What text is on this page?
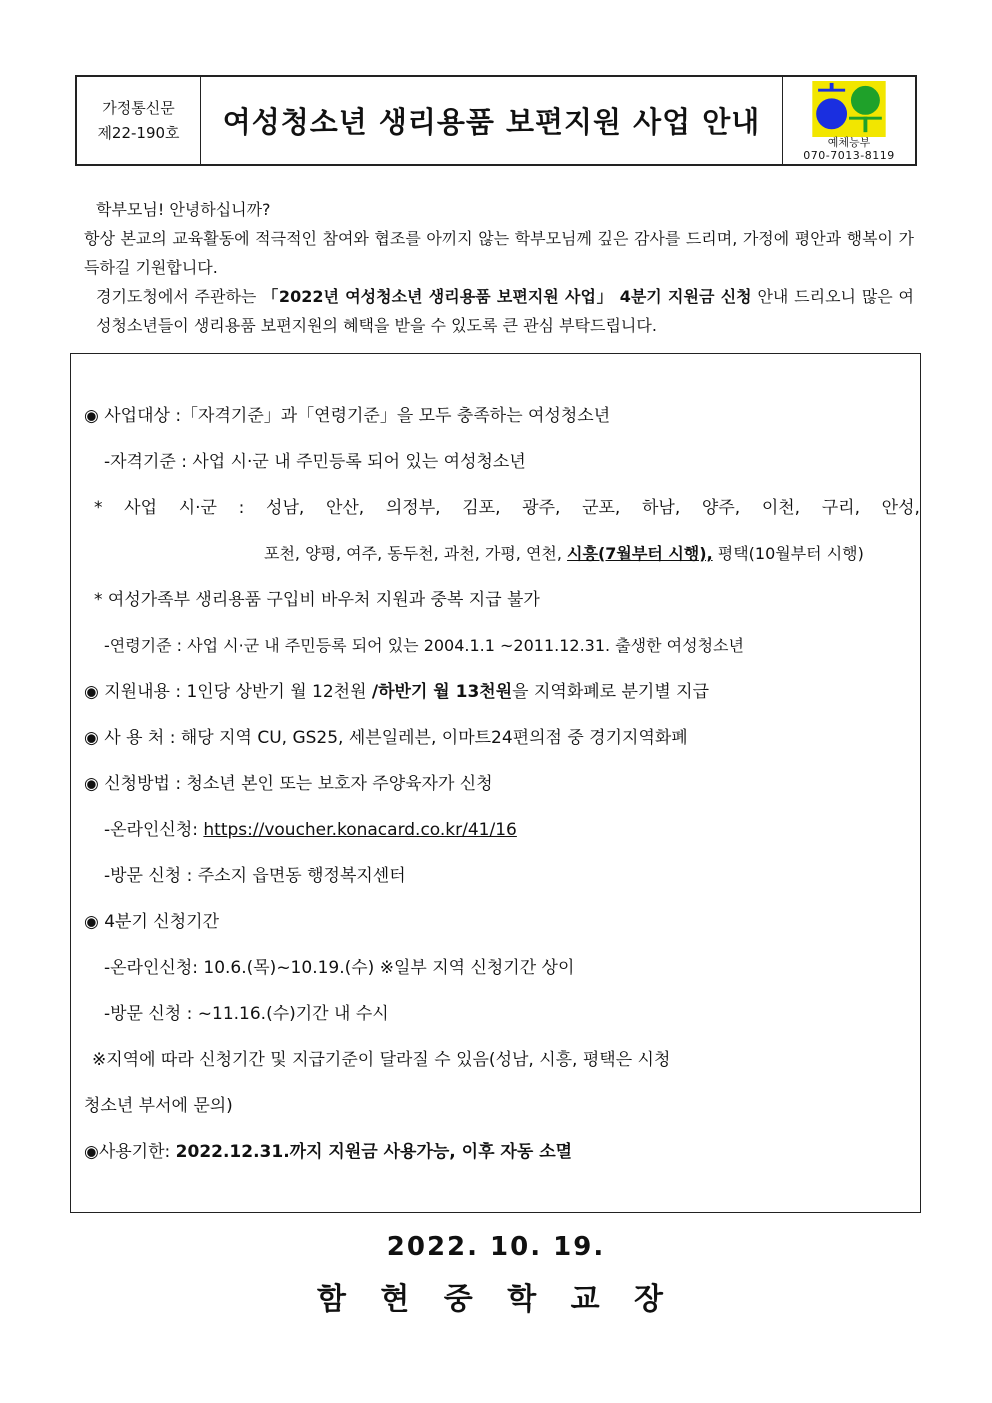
가정통신문
제22-190호	여성청소년 생리용품 보편지원 사업 안내
예체능부
070-7013-8119

학부모님! 안녕하십니까?

항상 본교의 교육활동에 적극적인 참여와 협조를 아끼지 않는 학부모님께 깊은 감사를 드리며, 가정에 평안과 행복이 가득하길 기원합니다.

경기도청에서 주관하는 「2022년 여성청소년 생리용품 보편지원 사업」 4분기 지원금 신청 안내 드리오니 많은 여성청소년들이 생리용품 보편지원의 혜택을 받을 수 있도록 큰 관심 부탁드립니다.

◉ 사업대상 :「자격기준」과「연령기준」을 모두 충족하는 여성청소년
-자격기준 : 사업 시·군 내 주민등록 되어 있는 여성청소년
* 사업 시·군 : 성남, 안산, 의정부, 김포, 광주, 군포, 하남, 양주, 이천, 구리, 안성,
포천, 양평, 여주, 동두천, 과천, 가평, 연천, 시흥(7월부터 시행), 평택(10월부터 시행)
* 여성가족부 생리용품 구입비 바우처 지원과 중복 지급 불가
-연령기준 : 사업 시·군 내 주민등록 되어 있는 2004.1.1 ~2011.12.31. 출생한 여성청소년
◉ 지원내용 : 1인당 상반기 월 12천원 /하반기 월 13천원을 지역화폐로 분기별 지급
◉ 사 용 처 : 해당 지역 CU, GS25, 세븐일레븐, 이마트24편의점 중 경기지역화폐
◉ 신청방법 : 청소년 본인 또는 보호자 주양육자가 신청
-온라인신청: https://voucher.konacard.co.kr/41/16
-방문 신청 : 주소지 읍면동 행정복지센터
◉ 4분기 신청기간
-온라인신청: 10.6.(목)~10.19.(수) ※일부 지역 신청기간 상이
-방문 신청 : ~11.16.(수)기간 내 수시
※지역에 따라 신청기간 및 지급기준이 달라질 수 있음(성남, 시흥, 평택은 시청
청소년 부서에 문의)
◉사용기한: 2022.12.31.까지 지원금 사용가능, 이후 자동 소멸
2022. 10. 19.
함 현 중 학 교 장
